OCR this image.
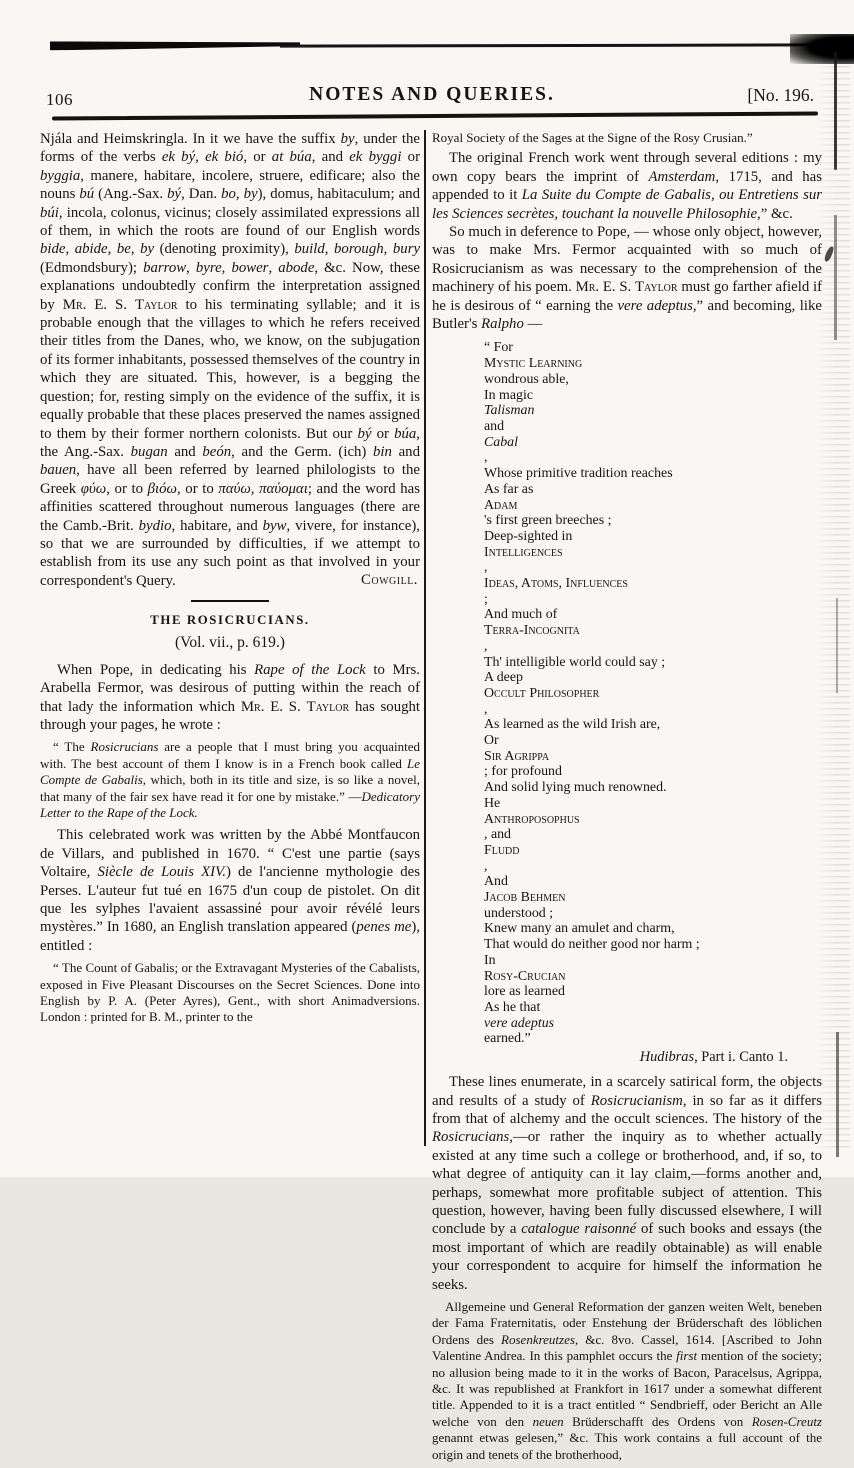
106	NOTES AND QUERIES.	[No. 196.

Njála and Heimskringla. In it we have the suffix by, under the forms of the verbs ek bý, ek bió, or at búa, and ek byggi or byggia, manere, habitare, incolere, struere, edificare; also the nouns bú (Ang.-Sax. bý, Dan. bo, by), domus, habitaculum; and búi, incola, colonus, vicinus; closely assimilated expressions all of them, in which the roots are found of our English words bide, abide, be, by (denoting proximity), build, borough, bury (Edmondsbury); barrow, byre, bower, abode, &c. Now, these explanations undoubtedly confirm the interpretation assigned by Mr. E. S. Taylor to his terminating syllable; and it is probable enough that the villages to which he refers received their titles from the Danes, who, we know, on the subjugation of its former inhabitants, possessed themselves of the country in which they are situated. This, however, is a begging the question; for, resting simply on the evidence of the suffix, it is equally probable that these places preserved the names assigned to them by their former northern colonists. But our bý or búa, the Ang.-Sax. bugan and beón, and the Germ. (ich) bin and bauen, have all been referred by learned philologists to the Greek φύω, or to βιόω, or to παύω, παύομαι; and the word has affinities scattered throughout numerous languages (there are the Camb.-Brit. bydio, habitare, and byw, vivere, for instance), so that we are surrounded by difficulties, if we attempt to establish from its use any such point as that involved in your correspondent's Query.	Cowgill.
THE ROSICRUCIANS.
(Vol. vii., p. 619.)

When Pope, in dedicating his Rape of the Lock to Mrs. Arabella Fermor, was desirous of putting within the reach of that lady the information which Mr. E. S. Taylor has sought through your pages, he wrote :

“ The Rosicrucians are a people that I must bring you acquainted with. The best account of them I know is in a French book called Le Compte de Gabalis, which, both in its title and size, is so like a novel, that many of the fair sex have read it for one by mistake.” —Dedicatory Letter to the Rape of the Lock.

This celebrated work was written by the Abbé Montfaucon de Villars, and published in 1670. “ C'est une partie (says Voltaire, Siècle de Louis XIV.) de l'ancienne mythologie des Perses. L'auteur fut tué en 1675 d'un coup de pistolet. On dit que les sylphes l'avaient assassiné pour avoir révélé leurs mystères.” In 1680, an English translation appeared (penes me), entitled :

“ The Count of Gabalis; or the Extravagant Mysteries of the Cabalists, exposed in Five Pleasant Discourses on the Secret Sciences. Done into English by P. A. (Peter Ayres), Gent., with short Animadversions. London : printed for B. M., printer to the

Royal Society of the Sages at the Signe of the Rosy Crusian.”

The original French work went through several editions : my own copy bears the imprint of Amsterdam, 1715, and has appended to it La Suite du Compte de Gabalis, ou Entretiens sur les Sciences secrètes, touchant la nouvelle Philosophie,” &c.

So much in deference to Pope, — whose only object, however, was to make Mrs. Fermor acquainted with so much of Rosicrucianism as was necessary to the comprehension of the machinery of his poem. Mr. E. S. Taylor must go farther afield if he is desirous of “ earning the vere adeptus,” and becoming, like Butler's Ralpho —

“ For
Mystic Learning
wondrous able,
In magic
Talisman
and
Cabal
,
Whose primitive tradition reaches
As far as
Adam
's first green breeches ;
Deep-sighted in
Intelligences
,
Ideas, Atoms, Influences
;
And much of
Terra-Incognita
,
Th' intelligible world could say ;
A deep
Occult Philosopher
,
As learned as the wild Irish are,
Or
Sir Agrippa
; for profound
And solid lying much renowned.
He
Anthroposophus
, and
Fludd
,
And
Jacob Behmen
understood ;
Knew many an amulet and charm,
That would do neither good nor harm ;
In
Rosy-Crucian
lore as learned
As he that
vere adeptus
earned.”
Hudibras, Part i. Canto 1.

These lines enumerate, in a scarcely satirical form, the objects and results of a study of Rosicrucianism, in so far as it differs from that of alchemy and the occult sciences. The history of the Rosicrucians,—or rather the inquiry as to whether actually existed at any time such a college or brotherhood, and, if so, to what degree of antiquity can it lay claim,—forms another and, perhaps, somewhat more profitable subject of attention. This question, however, having been fully discussed elsewhere, I will conclude by a catalogue raisonné of such books and essays (the most important of which are readily obtainable) as will enable your correspondent to acquire for himself the information he seeks.

Allgemeine und General Reformation der ganzen weiten Welt, beneben der Fama Fraternitatis, oder Enstehung der Brüderschaft des löblichen Ordens des Rosenkreutzes, &c. 8vo. Cassel, 1614. [Ascribed to John Valentine Andrea. In this pamphlet occurs the first mention of the society; no allusion being made to it in the works of Bacon, Paracelsus, Agrippa, &c. It was republished at Frankfort in 1617 under a somewhat different title. Appended to it is a tract entitled “ Sendbrieff, oder Bericht an Alle welche von den neuen Brüderschafft des Ordens von Rosen-Creutz genannt etwas gelesen,” &c. This work contains a full account of the origin and tenets of the brotherhood,
